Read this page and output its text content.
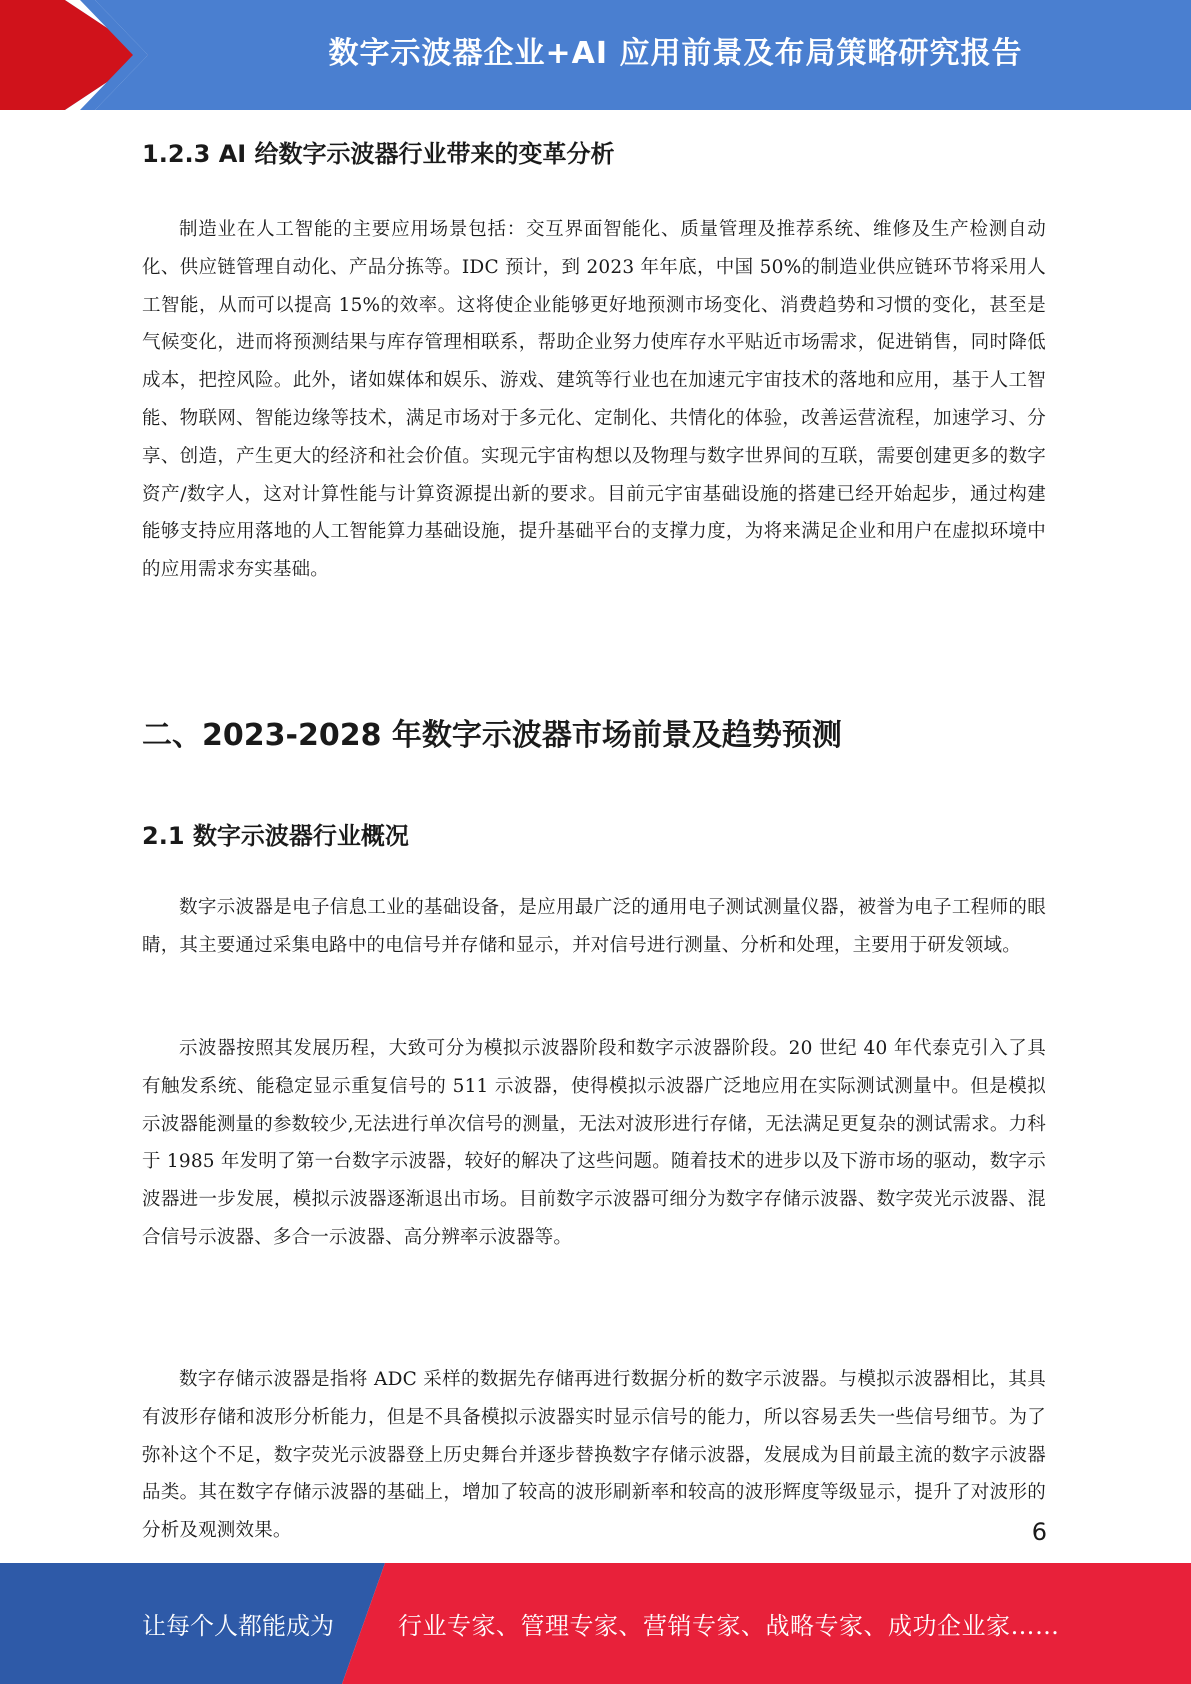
数字示波器企业+AI 应用前景及布局策略研究报告
1.2.3 AI 给数字示波器行业带来的变革分析

制造业在人工智能的主要应用场景包括：交互界面智能化、质量管理及推荐系统、维修及生产检测自动化、供应链管理自动化、产品分拣等。IDC 预计，到 2023 年年底，中国 50%的制造业供应链环节将采用人工智能，从而可以提高 15%的效率。这将使企业能够更好地预测市场变化、消费趋势和习惯的变化，甚至是气候变化，进而将预测结果与库存管理相联系，帮助企业努力使库存水平贴近市场需求，促进销售，同时降低成本，把控风险。此外，诸如媒体和娱乐、游戏、建筑等行业也在加速元宇宙技术的落地和应用，基于人工智能、物联网、智能边缘等技术，满足市场对于多元化、定制化、共情化的体验，改善运营流程，加速学习、分享、创造，产生更大的经济和社会价值。实现元宇宙构想以及物理与数字世界间的互联，需要创建更多的数字资产/数字人，这对计算性能与计算资源提出新的要求。目前元宇宙基础设施的搭建已经开始起步，通过构建能够支持应用落地的人工智能算力基础设施，提升基础平台的支撑力度，为将来满足企业和用户在虚拟环境中的应用需求夯实基础。

二、2023-2028 年数字示波器市场前景及趋势预测
2.1 数字示波器行业概况

数字示波器是电子信息工业的基础设备，是应用最广泛的通用电子测试测量仪器，被誉为电子工程师的眼睛，其主要通过采集电路中的电信号并存储和显示，并对信号进行测量、分析和处理，主要用于研发领域。

示波器按照其发展历程，大致可分为模拟示波器阶段和数字示波器阶段。20 世纪 40 年代泰克引入了具有触发系统、能稳定显示重复信号的 511 示波器，使得模拟示波器广泛地应用在实际测试测量中。但是模拟示波器能测量的参数较少,无法进行单次信号的测量，无法对波形进行存储，无法满足更复杂的测试需求。力科于 1985 年发明了第一台数字示波器，较好的解决了这些问题。随着技术的进步以及下游市场的驱动，数字示波器进一步发展，模拟示波器逐渐退出市场。目前数字示波器可细分为数字存储示波器、数字荧光示波器、混合信号示波器、多合一示波器、高分辨率示波器等。

数字存储示波器是指将 ADC 采样的数据先存储再进行数据分析的数字示波器。与模拟示波器相比，其具有波形存储和波形分析能力，但是不具备模拟示波器实时显示信号的能力，所以容易丢失一些信号细节。为了弥补这个不足，数字荧光示波器登上历史舞台并逐步替换数字存储示波器，发展成为目前最主流的数字示波器品类。其在数字存储示波器的基础上，增加了较高的波形刷新率和较高的波形辉度等级显示，提升了对波形的分析及观测效果。	6
让每个人都能成为	行业专家、管理专家、营销专家、战略专家、成功企业家……
